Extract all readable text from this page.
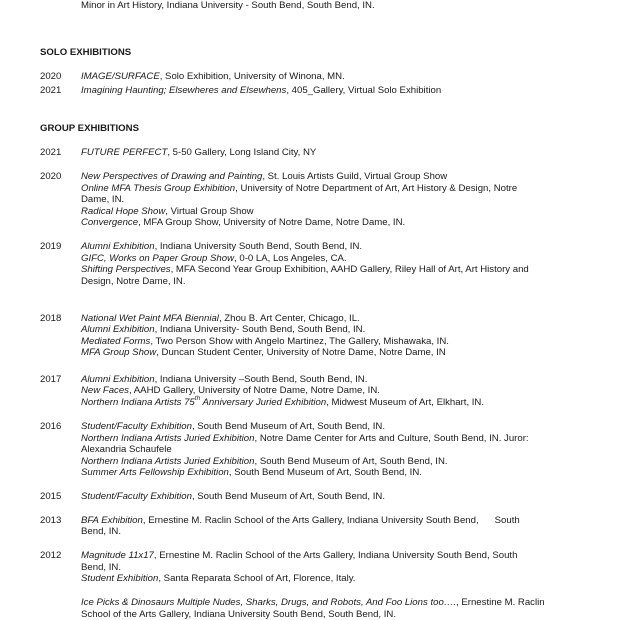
Minor in Art History, Indiana University - South Bend, South Bend, IN.
SOLO EXHIBITIONS
2020 IMAGE/SURFACE, Solo Exhibition, University of Winona, MN.
2021 Imagining Haunting; Elsewheres and Elsewhens, 405_Gallery, Virtual Solo Exhibition
GROUP EXHIBITIONS
2021 FUTURE PERFECT, 5-50 Gallery, Long Island City, NY
2020 New Perspectives of Drawing and Painting, St. Louis Artists Guild, Virtual Group Show
Online MFA Thesis Group Exhibition, University of Notre Department of Art, Art History & Design, Notre
Dame, IN.
Radical Hope Show, Virtual Group Show
Convergence, MFA Group Show, University of Notre Dame, Notre Dame, IN.
2019 Alumni Exhibition, Indiana University South Bend, South Bend, IN.
GIFC, Works on Paper Group Show, 0-0 LA, Los Angeles, CA.
Shifting Perspectives, MFA Second Year Group Exhibition, AAHD Gallery, Riley Hall of Art, Art History and
Design, Notre Dame, IN.
2018 National Wet Paint MFA Biennial, Zhou B. Art Center, Chicago, IL.
Alumni Exhibition, Indiana University- South Bend, South Bend, IN.
Mediated Forms, Two Person Show with Angelo Martinez, The Gallery, Mishawaka, IN.
MFA Group Show, Duncan Student Center, University of Notre Dame, Notre Dame, IN
2017 Alumni Exhibition, Indiana University –South Bend, South Bend, IN.
New Faces, AAHD Gallery, University of Notre Dame, Notre Dame, IN.
Northern Indiana Artists 75th Anniversary Juried Exhibition, Midwest Museum of Art, Elkhart, IN.
2016 Student/Faculty Exhibition, South Bend Museum of Art, South Bend, IN.
Northern Indiana Artists Juried Exhibition, Notre Dame Center for Arts and Culture, South Bend, IN. Juror:
Alexandria Schaufele
Northern Indiana Artists Juried Exhibition, South Bend Museum of Art, South Bend, IN.
Summer Arts Fellowship Exhibition, South Bend Museum of Art, South Bend, IN.
2015 Student/Faculty Exhibition, South Bend Museum of Art, South Bend, IN.
2013 BFA Exhibition, Ernestine M. Raclin School of the Arts Gallery, Indiana University South Bend,      South
Bend, IN.
2012 Magnitude 11x17, Ernestine M. Raclin School of the Arts Gallery, Indiana University South Bend, South
Bend, IN.
Student Exhibition, Santa Reparata School of Art, Florence, Italy.
Ice Picks & Dinosaurs Multiple Nudes, Sharks, Drugs, and Robots, And Foo Lions too…., Ernestine M. Raclin
School of the Arts Gallery, Indiana University South Bend, South Bend, IN.
